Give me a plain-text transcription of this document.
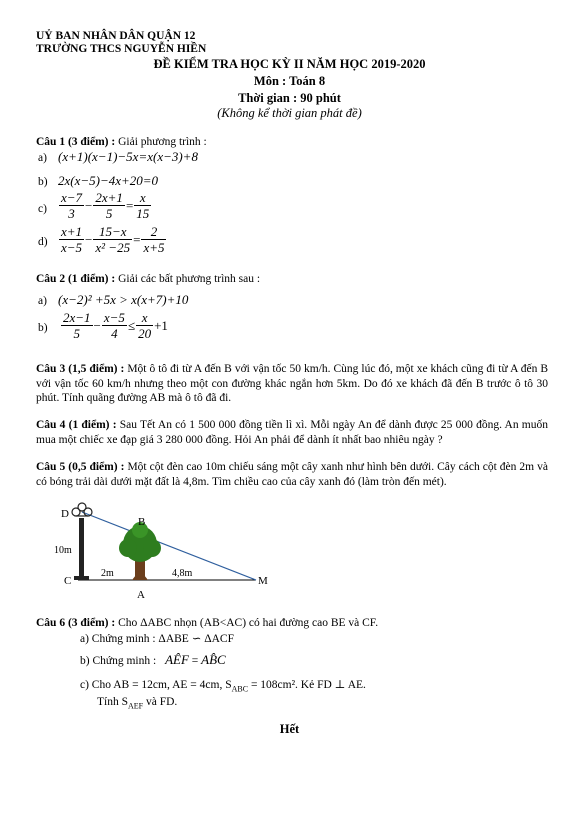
UỶ BAN NHÂN DÂN QUẬN 12
TRƯỜNG THCS NGUYỄN HIỀN
ĐỀ KIỂM TRA HỌC KỲ II NĂM HỌC 2019-2020
Môn : Toán 8
Thời gian : 90 phút
(Không kể thời gian phát đề)
Câu 1 (3 điểm) : Giải phương trình :
a) (x+1)(x−1)−5x=x(x−3)+8
b) 2x(x−5)−4x+20=0
$c) \frac{x-7}{3} - \frac{2x+1}{5} = \frac{x}{15}$
$d) \frac{x+1}{x-5} - \frac{15-x}{\text{x² −25}} = \frac{2}{x+5}$
Câu 2 (1 điểm) : Giải các bất phương trình sau :
a) (x−2)² +5x > x(x+7)+10
$b) \frac{2x-1}{5} - \frac{x-5}{4} \le \frac{x}{20} +1$
Câu 3 (1,5 điểm) : Một ô tô đi từ A đến B với vận tốc 50 km/h. Cùng lúc đó, một xe khách cũng đi từ A đến B với vận tốc 60 km/h nhưng theo một con đường khác ngắn hơn 5km. Do đó xe khách đã đến B trước ô tô 30 phút. Tính quãng đường AB mà ô tô đã đi.
Câu 4 (1 điểm) : Sau Tết An có 1 500 000 đồng tiền lì xì. Mỗi ngày An để dành được 25 000 đồng. An muốn mua một chiếc xe đạp giá 3 280 000 đồng. Hỏi An phải để dành ít nhất bao nhiêu ngày ?
Câu 5 (0,5 điểm) : Một cột đèn cao 10m chiếu sáng một cây xanh như hình bên dưới. Cây cách cột đèn 2m và có bóng trải dài dưới mặt đất là 4,8m. Tìm chiều cao của cây xanh đó (làm tròn đến mét).
D
B
C
A
M
10m
2m	4,8m
Câu 6 (3 điểm) : Cho ΔABC nhọn (AB<AC) có hai đường cao BE và CF.
a) Chứng minh : ΔABE ∽ ΔACF
b) Chứng minh : AÊF = AB̂C
c) Cho AB = 12cm, AE = 4cm, $S_{ABC} = 108cm^2$. Kẻ FD ⊥ AE.
Tính $S_{AEF}$ và FD.
Hết
